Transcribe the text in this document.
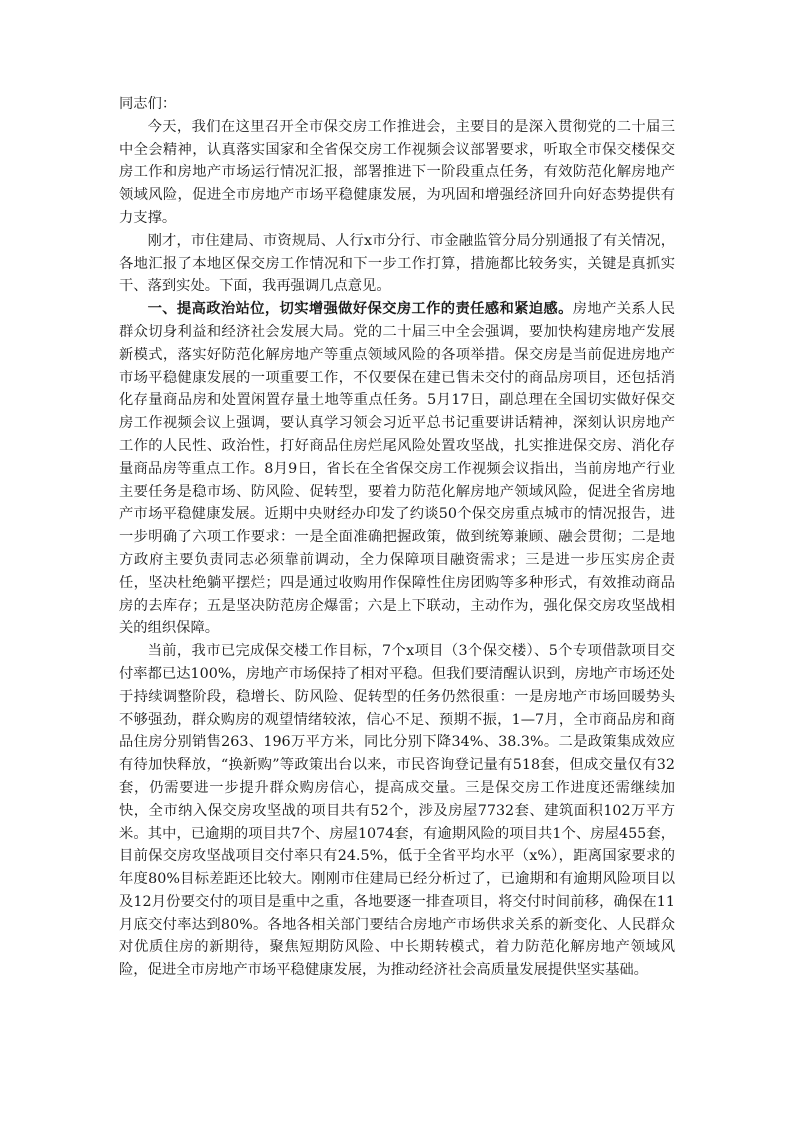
同志们：

今天，我们在这里召开全市保交房工作推进会，主要目的是深入贯彻党的二十届三中全会精神，认真落实国家和全省保交房工作视频会议部署要求，听取全市保交楼保交房工作和房地产市场运行情况汇报，部署推进下一阶段重点任务，有效防范化解房地产领域风险，促进全市房地产市场平稳健康发展，为巩固和增强经济回升向好态势提供有力支撑。

刚才，市住建局、市资规局、人行x市分行、市金融监管分局分别通报了有关情况，各地汇报了本地区保交房工作情况和下一步工作打算，措施都比较务实，关键是真抓实干、落到实处。下面，我再强调几点意见。

一、提高政治站位，切实增强做好保交房工作的责任感和紧迫感。房地产关系人民群众切身利益和经济社会发展大局。党的二十届三中全会强调，要加快构建房地产发展新模式，落实好防范化解房地产等重点领域风险的各项举措。保交房是当前促进房地产市场平稳健康发展的一项重要工作，不仅要保在建已售未交付的商品房项目，还包括消化存量商品房和处置闲置存量土地等重点任务。5月17日，副总理在全国切实做好保交房工作视频会议上强调，要认真学习领会习近平总书记重要讲话精神，深刻认识房地产工作的人民性、政治性，打好商品住房烂尾风险处置攻坚战，扎实推进保交房、消化存量商品房等重点工作。8月9日，省长在全省保交房工作视频会议指出，当前房地产行业主要任务是稳市场、防风险、促转型，要着力防范化解房地产领域风险，促进全省房地产市场平稳健康发展。近期中央财经办印发了约谈50个保交房重点城市的情况报告，进一步明确了六项工作要求：一是全面准确把握政策，做到统筹兼顾、融会贯彻；二是地方政府主要负责同志必须靠前调动，全力保障项目融资需求；三是进一步压实房企责任，坚决杜绝躺平摆烂；四是通过收购用作保障性住房团购等多种形式，有效推动商品房的去库存；五是坚决防范房企爆雷；六是上下联动，主动作为，强化保交房攻坚战相关的组织保障。

当前，我市已完成保交楼工作目标，7个x项目（3个保交楼）、5个专项借款项目交付率都已达100%，房地产市场保持了相对平稳。但我们要清醒认识到，房地产市场还处于持续调整阶段，稳增长、防风险、促转型的任务仍然很重：一是房地产市场回暖势头不够强劲，群众购房的观望情绪较浓，信心不足、预期不振，1—7月，全市商品房和商品住房分别销售263、196万平方米，同比分别下降34%、38.3%。二是政策集成效应有待加快释放，“换新购”等政策出台以来，市民咨询登记量有518套，但成交量仅有32套，仍需要进一步提升群众购房信心，提高成交量。三是保交房工作进度还需继续加快，全市纳入保交房攻坚战的项目共有52个，涉及房屋7732套、建筑面积102万平方米。其中，已逾期的项目共7个、房屋1074套，有逾期风险的项目共1个、房屋455套，目前保交房攻坚战项目交付率只有24.5%，低于全省平均水平（x%），距离国家要求的年度80%目标差距还比较大。刚刚市住建局已经分析过了，已逾期和有逾期风险项目以及12月份要交付的项目是重中之重，各地要逐一排查项目，将交付时间前移，确保在11月底交付率达到80%。各地各相关部门要结合房地产市场供求关系的新变化、人民群众对优质住房的新期待，聚焦短期防风险、中长期转模式，着力防范化解房地产领域风险，促进全市房地产市场平稳健康发展，为推动经济社会高质量发展提供坚实基础。
